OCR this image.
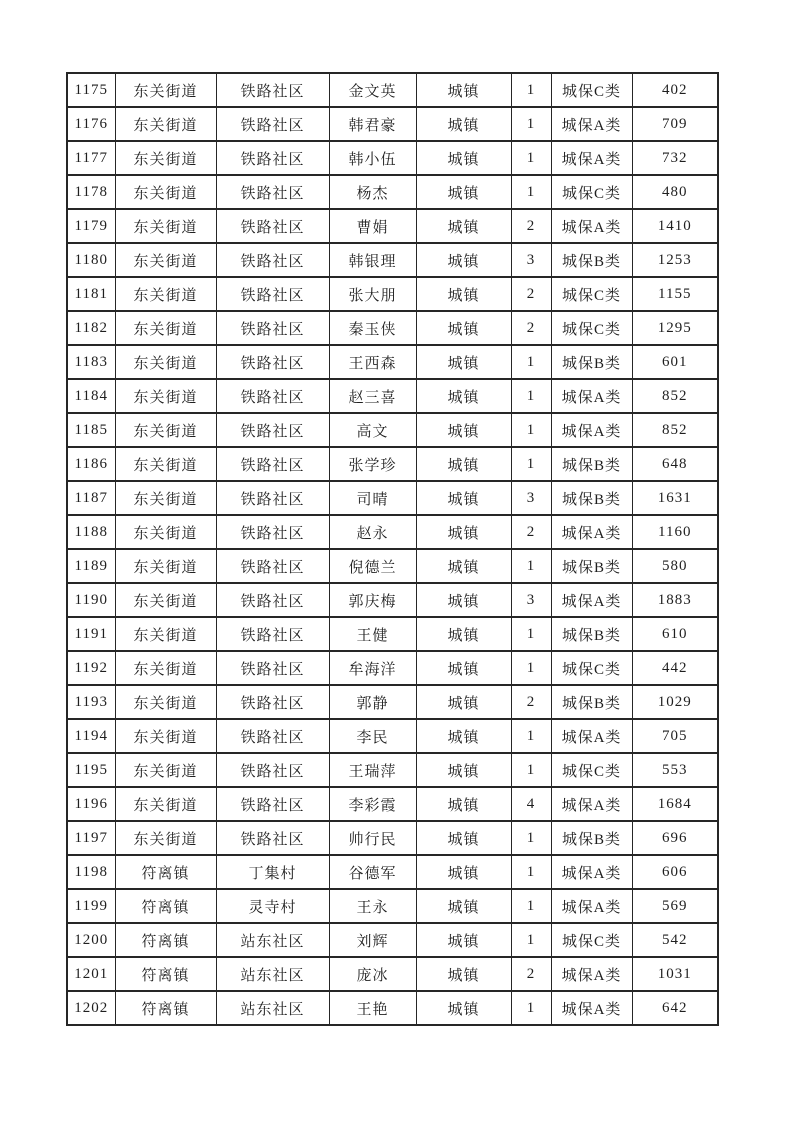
1175	东关街道	铁路社区	金文英	城镇	1	城保C类	402
1176	东关街道	铁路社区	韩君豪	城镇	1	城保A类	709
1177	东关街道	铁路社区	韩小伍	城镇	1	城保A类	732
1178	东关街道	铁路社区	杨杰	城镇	1	城保C类	480
1179	东关街道	铁路社区	曹娟	城镇	2	城保A类	1410
1180	东关街道	铁路社区	韩银理	城镇	3	城保B类	1253
1181	东关街道	铁路社区	张大朋	城镇	2	城保C类	1155
1182	东关街道	铁路社区	秦玉侠	城镇	2	城保C类	1295
1183	东关街道	铁路社区	王西森	城镇	1	城保B类	601
1184	东关街道	铁路社区	赵三喜	城镇	1	城保A类	852
1185	东关街道	铁路社区	高文	城镇	1	城保A类	852
1186	东关街道	铁路社区	张学珍	城镇	1	城保B类	648
1187	东关街道	铁路社区	司晴	城镇	3	城保B类	1631
1188	东关街道	铁路社区	赵永	城镇	2	城保A类	1160
1189	东关街道	铁路社区	倪德兰	城镇	1	城保B类	580
1190	东关街道	铁路社区	郭庆梅	城镇	3	城保A类	1883
1191	东关街道	铁路社区	王健	城镇	1	城保B类	610
1192	东关街道	铁路社区	牟海洋	城镇	1	城保C类	442
1193	东关街道	铁路社区	郭静	城镇	2	城保B类	1029
1194	东关街道	铁路社区	李民	城镇	1	城保A类	705
1195	东关街道	铁路社区	王瑞萍	城镇	1	城保C类	553
1196	东关街道	铁路社区	李彩霞	城镇	4	城保A类	1684
1197	东关街道	铁路社区	帅行民	城镇	1	城保B类	696
1198	符离镇	丁集村	谷德军	城镇	1	城保A类	606
1199	符离镇	灵寺村	王永	城镇	1	城保A类	569
1200	符离镇	站东社区	刘辉	城镇	1	城保C类	542
1201	符离镇	站东社区	庞冰	城镇	2	城保A类	1031
1202	符离镇	站东社区	王艳	城镇	1	城保A类	642
